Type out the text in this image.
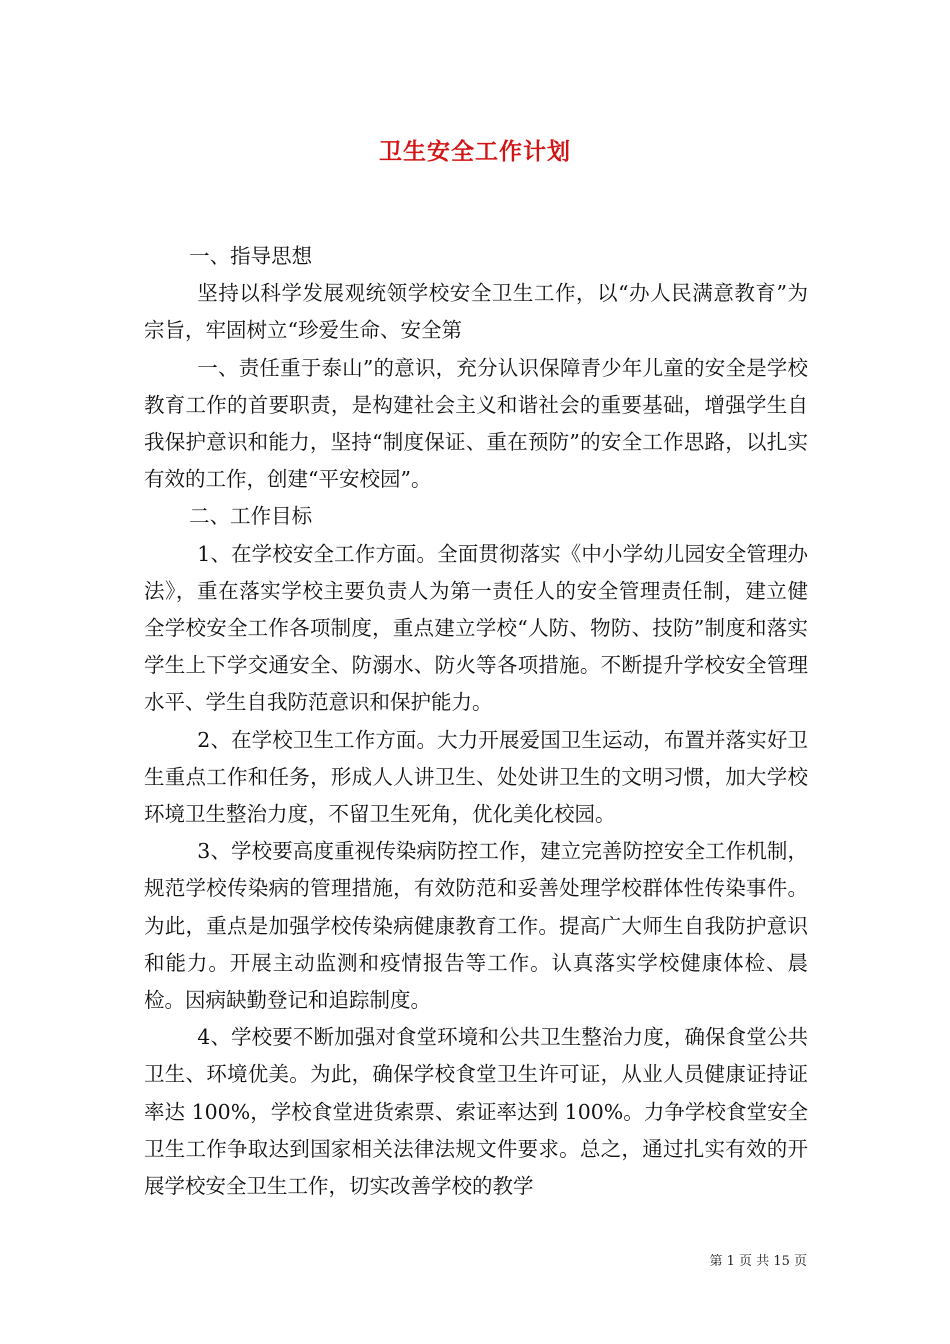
卫生安全工作计划

一、指导思想

坚持以科学发展观统领学校安全卫生工作，以“办人民满意教育”为宗旨，牢固树立“珍爱生命、安全第

一、责任重于泰山”的意识，充分认识保障青少年儿童的安全是学校教育工作的首要职责，是构建社会主义和谐社会的重要基础，增强学生自我保护意识和能力，坚持“制度保证、重在预防”的安全工作思路，以扎实有效的工作，创建“平安校园”。

二、工作目标

1、在学校安全工作方面。全面贯彻落实《中小学幼儿园安全管理办法》，重在落实学校主要负责人为第一责任人的安全管理责任制，建立健全学校安全工作各项制度，重点建立学校“人防、物防、技防”制度和落实学生上下学交通安全、防溺水、防火等各项措施。不断提升学校安全管理水平、学生自我防范意识和保护能力。

2、在学校卫生工作方面。大力开展爱国卫生运动，布置并落实好卫生重点工作和任务，形成人人讲卫生、处处讲卫生的文明习惯，加大学校环境卫生整治力度，不留卫生死角，优化美化校园。

3、学校要高度重视传染病防控工作，建立完善防控安全工作机制，规范学校传染病的管理措施，有效防范和妥善处理学校群体性传染事件。为此，重点是加强学校传染病健康教育工作。提高广大师生自我防护意识和能力。开展主动监测和疫情报告等工作。认真落实学校健康体检、晨检。因病缺勤登记和追踪制度。

4、学校要不断加强对食堂环境和公共卫生整治力度，确保食堂公共卫生、环境优美。为此，确保学校食堂卫生许可证，从业人员健康证持证率达 100%，学校食堂进货索票、索证率达到 100%。力争学校食堂安全卫生工作争取达到国家相关法律法规文件要求。总之，通过扎实有效的开展学校安全卫生工作，切实改善学校的教学

第 1 页 共 15 页
